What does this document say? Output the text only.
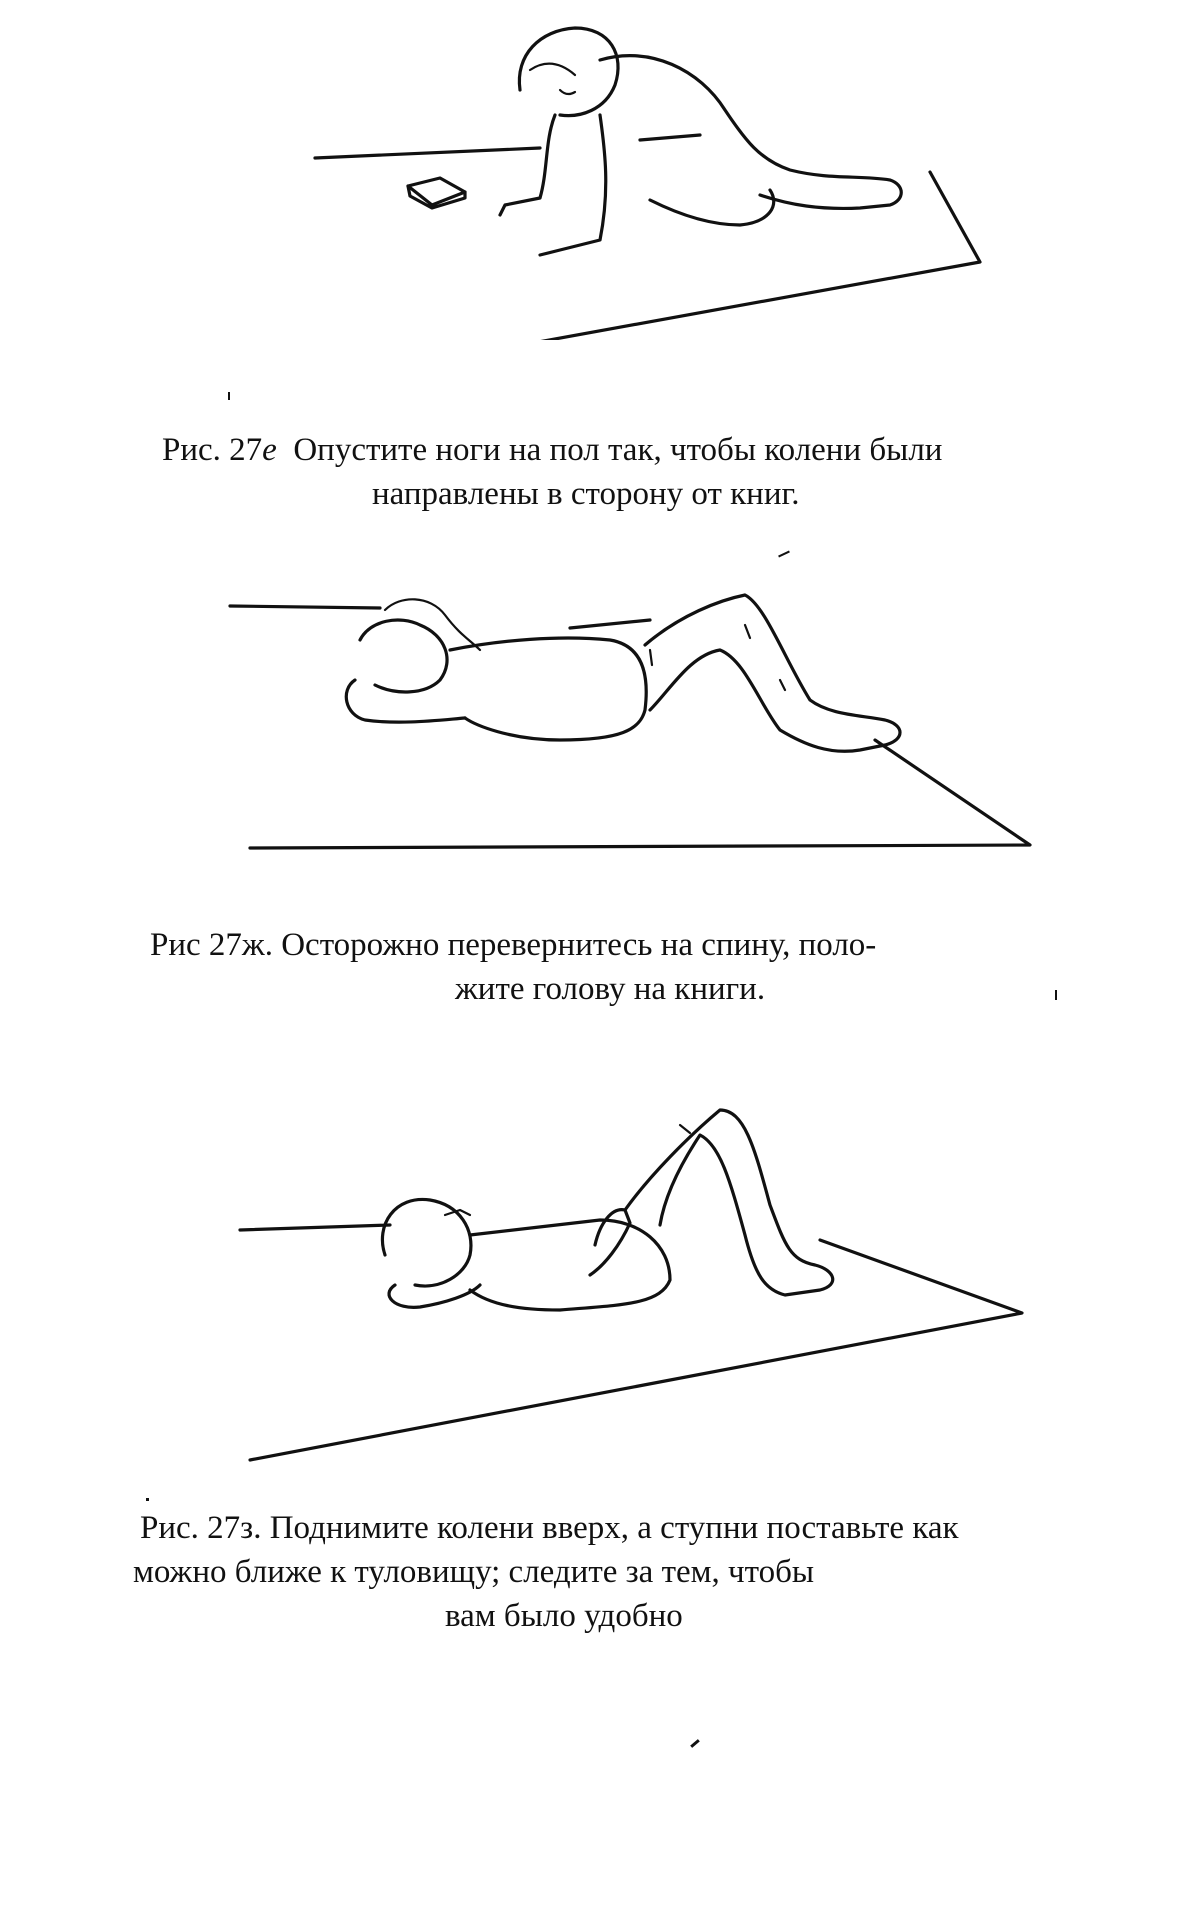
Рис. 27е Опустите ноги на пол так, чтобы колени были
направлены в сторону от книг.
Рис 27ж. Осторожно перевернитесь на спину, поло-
жите голову на книги.
Рис. 27з. Поднимите колени вверх, а ступни поставьте как
можно ближе к туловищу; следите за тем, чтобы
вам было удобно
